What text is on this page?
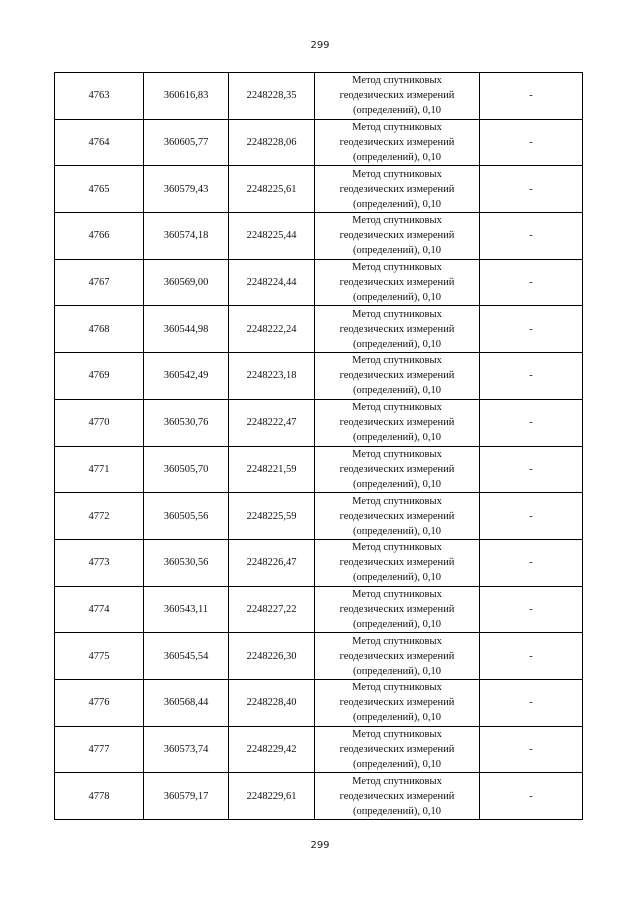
299
4763	360616,83	2248228,35	Метод спутниковых
геодезических измерений
(определений), 0,10	-
4764	360605,77	2248228,06	Метод спутниковых
геодезических измерений
(определений), 0,10	-
4765	360579,43	2248225,61	Метод спутниковых
геодезических измерений
(определений), 0,10	-
4766	360574,18	2248225,44	Метод спутниковых
геодезических измерений
(определений), 0,10	-
4767	360569,00	2248224,44	Метод спутниковых
геодезических измерений
(определений), 0,10	-
4768	360544,98	2248222,24	Метод спутниковых
геодезических измерений
(определений), 0,10	-
4769	360542,49	2248223,18	Метод спутниковых
геодезических измерений
(определений), 0,10	-
4770	360530,76	2248222,47	Метод спутниковых
геодезических измерений
(определений), 0,10	-
4771	360505,70	2248221,59	Метод спутниковых
геодезических измерений
(определений), 0,10	-
4772	360505,56	2248225,59	Метод спутниковых
геодезических измерений
(определений), 0,10	-
4773	360530,56	2248226,47	Метод спутниковых
геодезических измерений
(определений), 0,10	-
4774	360543,11	2248227,22	Метод спутниковых
геодезических измерений
(определений), 0,10	-
4775	360545,54	2248226,30	Метод спутниковых
геодезических измерений
(определений), 0,10	-
4776	360568,44	2248228,40	Метод спутниковых
геодезических измерений
(определений), 0,10	-
4777	360573,74	2248229,42	Метод спутниковых
геодезических измерений
(определений), 0,10	-
4778	360579,17	2248229,61	Метод спутниковых
геодезических измерений
(определений), 0,10	-
299
